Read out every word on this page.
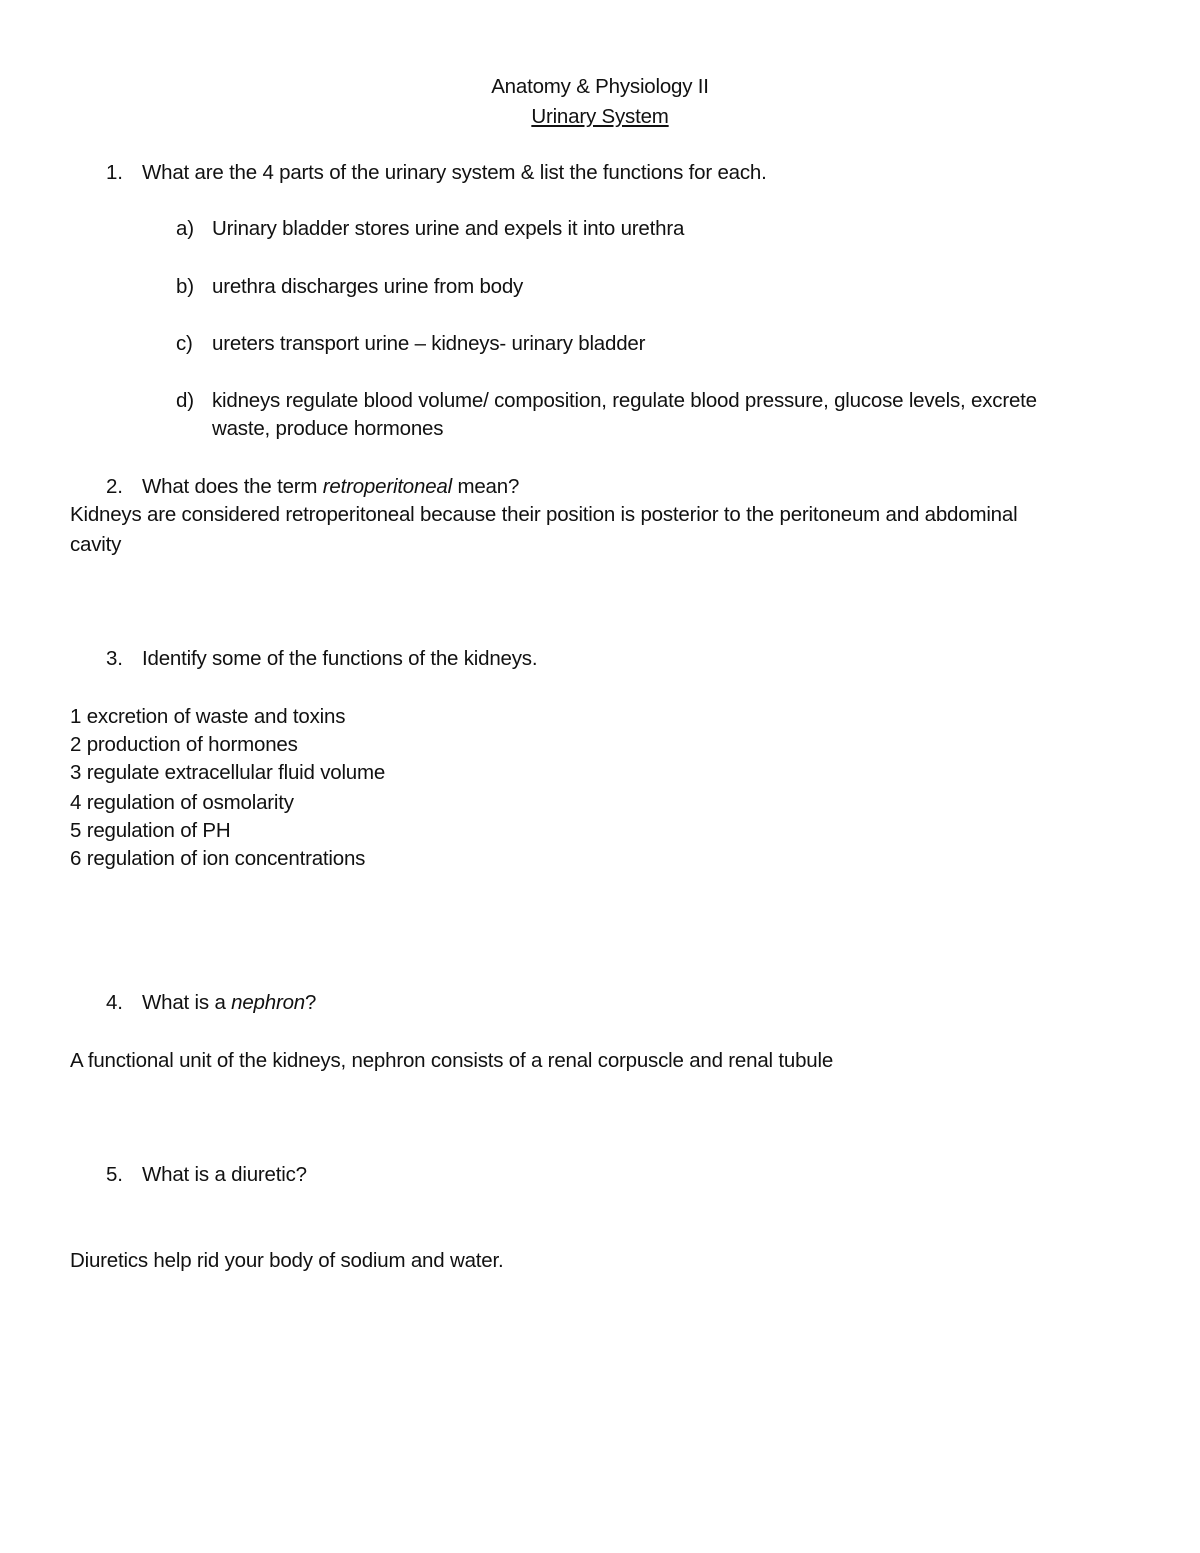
Anatomy & Physiology II
Urinary System
1. What are the 4 parts of the urinary system & list the functions for each.
a) Urinary bladder stores urine and expels it into urethra
b) urethra discharges urine from body
c) ureters transport urine – kidneys- urinary bladder
d) kidneys regulate blood volume/ composition, regulate blood pressure, glucose levels, excrete
waste, produce hormones
2. What does the term retroperitoneal mean?
Kidneys are considered retroperitoneal because their position is posterior to the peritoneum and abdominal
cavity
3. Identify some of the functions of the kidneys.
1 excretion of waste and toxins
2 production of hormones
3 regulate extracellular fluid volume
4 regulation of osmolarity
5 regulation of PH
6 regulation of ion concentrations
4. What is a nephron?
A functional unit of the kidneys, nephron consists of a renal corpuscle and renal tubule
5. What is a diuretic?
Diuretics help rid your body of sodium and water.
